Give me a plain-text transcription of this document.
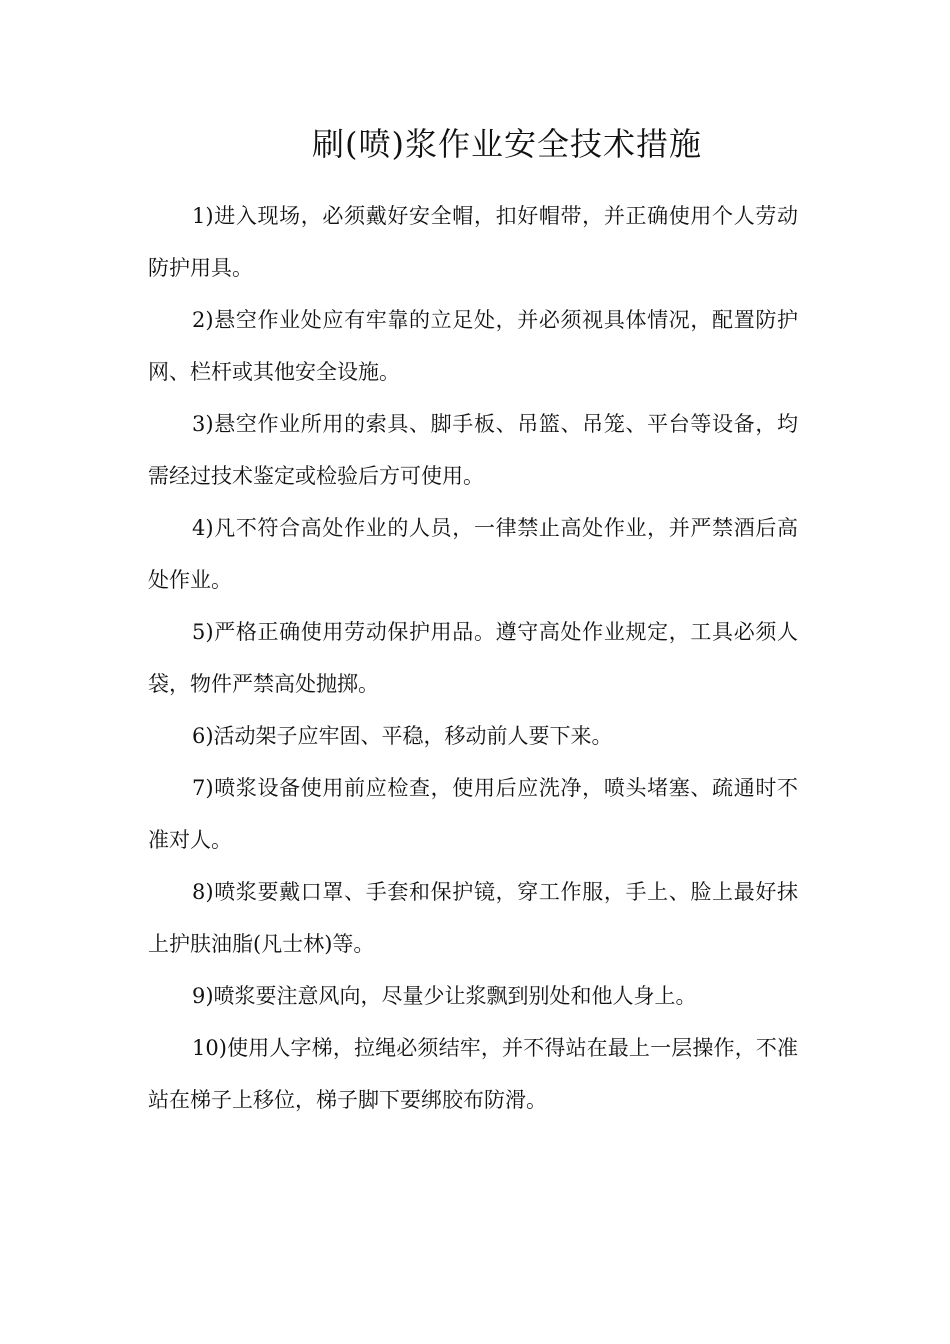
刷(喷)浆作业安全技术措施

1)进入现场，必须戴好安全帽，扣好帽带，并正确使用个人劳动防护用具。

2)悬空作业处应有牢靠的立足处，并必须视具体情况，配置防护网、栏杆或其他安全设施。

3)悬空作业所用的索具、脚手板、吊篮、吊笼、平台等设备，均需经过技术鉴定或检验后方可使用。

4)凡不符合高处作业的人员，一律禁止高处作业，并严禁酒后高处作业。

5)严格正确使用劳动保护用品。遵守高处作业规定，工具必须人袋，物件严禁高处抛掷。

6)活动架子应牢固、平稳，移动前人要下来。

7)喷浆设备使用前应检查，使用后应洗净，喷头堵塞、疏通时不准对人。

8)喷浆要戴口罩、手套和保护镜，穿工作服，手上、脸上最好抹上护肤油脂(凡士林)等。

9)喷浆要注意风向，尽量少让浆飘到别处和他人身上。

10)使用人字梯，拉绳必须结牢，并不得站在最上一层操作，不准站在梯子上移位，梯子脚下要绑胶布防滑。
